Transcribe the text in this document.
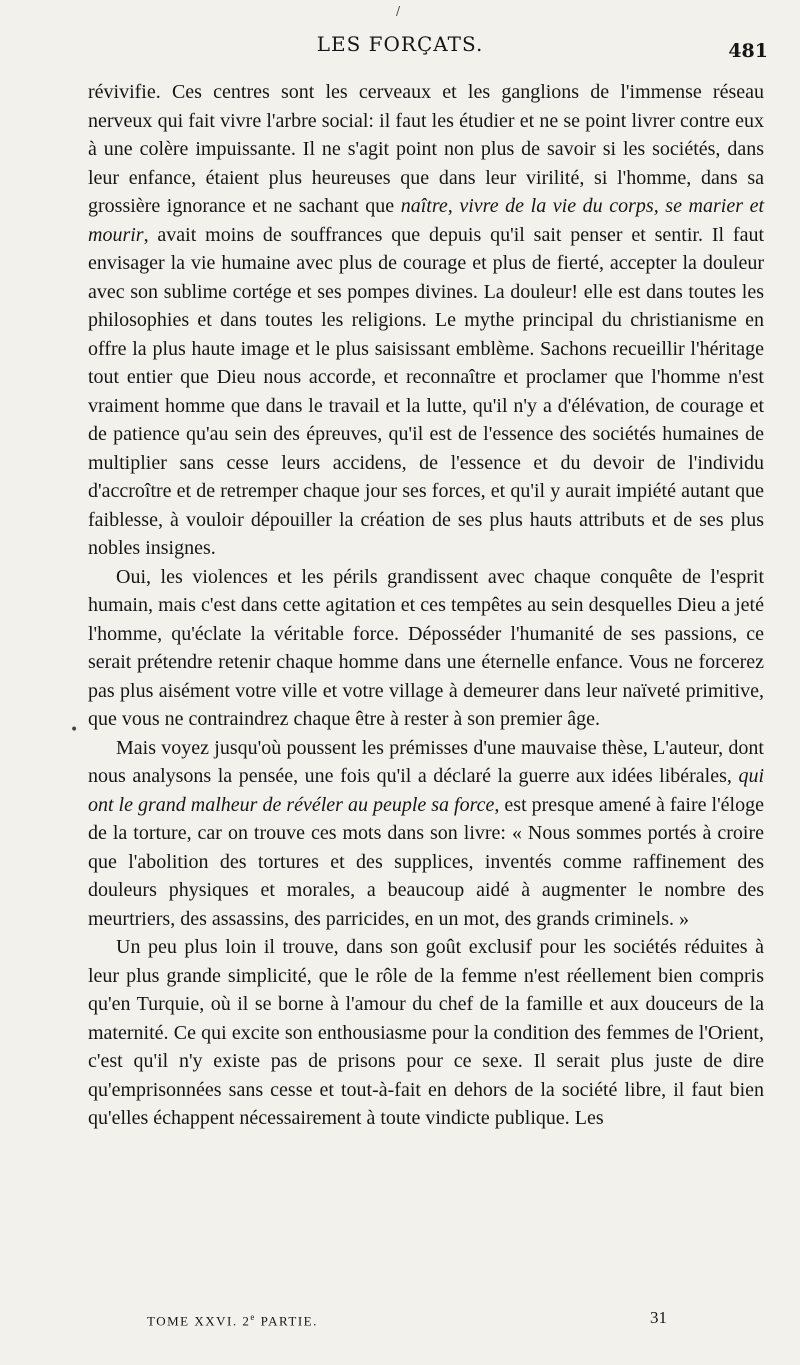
LES FORÇATS.	481

révivifie. Ces centres sont les cerveaux et les ganglions de l'immense réseau nerveux qui fait vivre l'arbre social: il faut les étudier et ne se point livrer contre eux à une colère impuissante. Il ne s'agit point non plus de savoir si les sociétés, dans leur enfance, étaient plus heureuses que dans leur virilité, si l'homme, dans sa grossière ignorance et ne sachant que naître, vivre de la vie du corps, se marier et mourir, avait moins de souffrances que depuis qu'il sait penser et sentir. Il faut envisager la vie humaine avec plus de courage et plus de fierté, accepter la douleur avec son sublime cortége et ses pompes divines. La douleur! elle est dans toutes les philosophies et dans toutes les religions. Le mythe principal du christianisme en offre la plus haute image et le plus saisissant emblème. Sachons recueillir l'héritage tout entier que Dieu nous accorde, et reconnaître et proclamer que l'homme n'est vraiment homme que dans le travail et la lutte, qu'il n'y a d'élévation, de courage et de patience qu'au sein des épreuves, qu'il est de l'essence des sociétés humaines de multiplier sans cesse leurs accidens, de l'essence et du devoir de l'individu d'accroître et de retremper chaque jour ses forces, et qu'il y aurait impiété autant que faiblesse, à vouloir dépouiller la création de ses plus hauts attributs et de ses plus nobles insignes.

Oui, les violences et les périls grandissent avec chaque conquête de l'esprit humain, mais c'est dans cette agitation et ces tempêtes au sein desquelles Dieu a jeté l'homme, qu'éclate la véritable force. Déposséder l'humanité de ses passions, ce serait prétendre retenir chaque homme dans une éternelle enfance. Vous ne forcerez pas plus aisément votre ville et votre village à demeurer dans leur naïveté primitive, que vous ne contraindrez chaque être à rester à son premier âge.

Mais voyez jusqu'où poussent les prémisses d'une mauvaise thèse, L'auteur, dont nous analysons la pensée, une fois qu'il a déclaré la guerre aux idées libérales, qui ont le grand malheur de révéler au peuple sa force, est presque amené à faire l'éloge de la torture, car on trouve ces mots dans son livre: « Nous sommes portés à croire que l'abolition des tortures et des supplices, inventés comme raffinement des douleurs physiques et morales, a beaucoup aidé à augmenter le nombre des meurtriers, des assassins, des parricides, en un mot, des grands criminels. »

Un peu plus loin il trouve, dans son goût exclusif pour les sociétés réduites à leur plus grande simplicité, que le rôle de la femme n'est réellement bien compris qu'en Turquie, où il se borne à l'amour du chef de la famille et aux douceurs de la maternité. Ce qui excite son enthousiasme pour la condition des femmes de l'Orient, c'est qu'il n'y existe pas de prisons pour ce sexe. Il serait plus juste de dire qu'emprisonnées sans cesse et tout-à-fait en dehors de la société libre, il faut bien qu'elles échappent nécessairement à toute vindicte publique. Les

•
/
TOME XXVI. 2e PARTIE.	31
